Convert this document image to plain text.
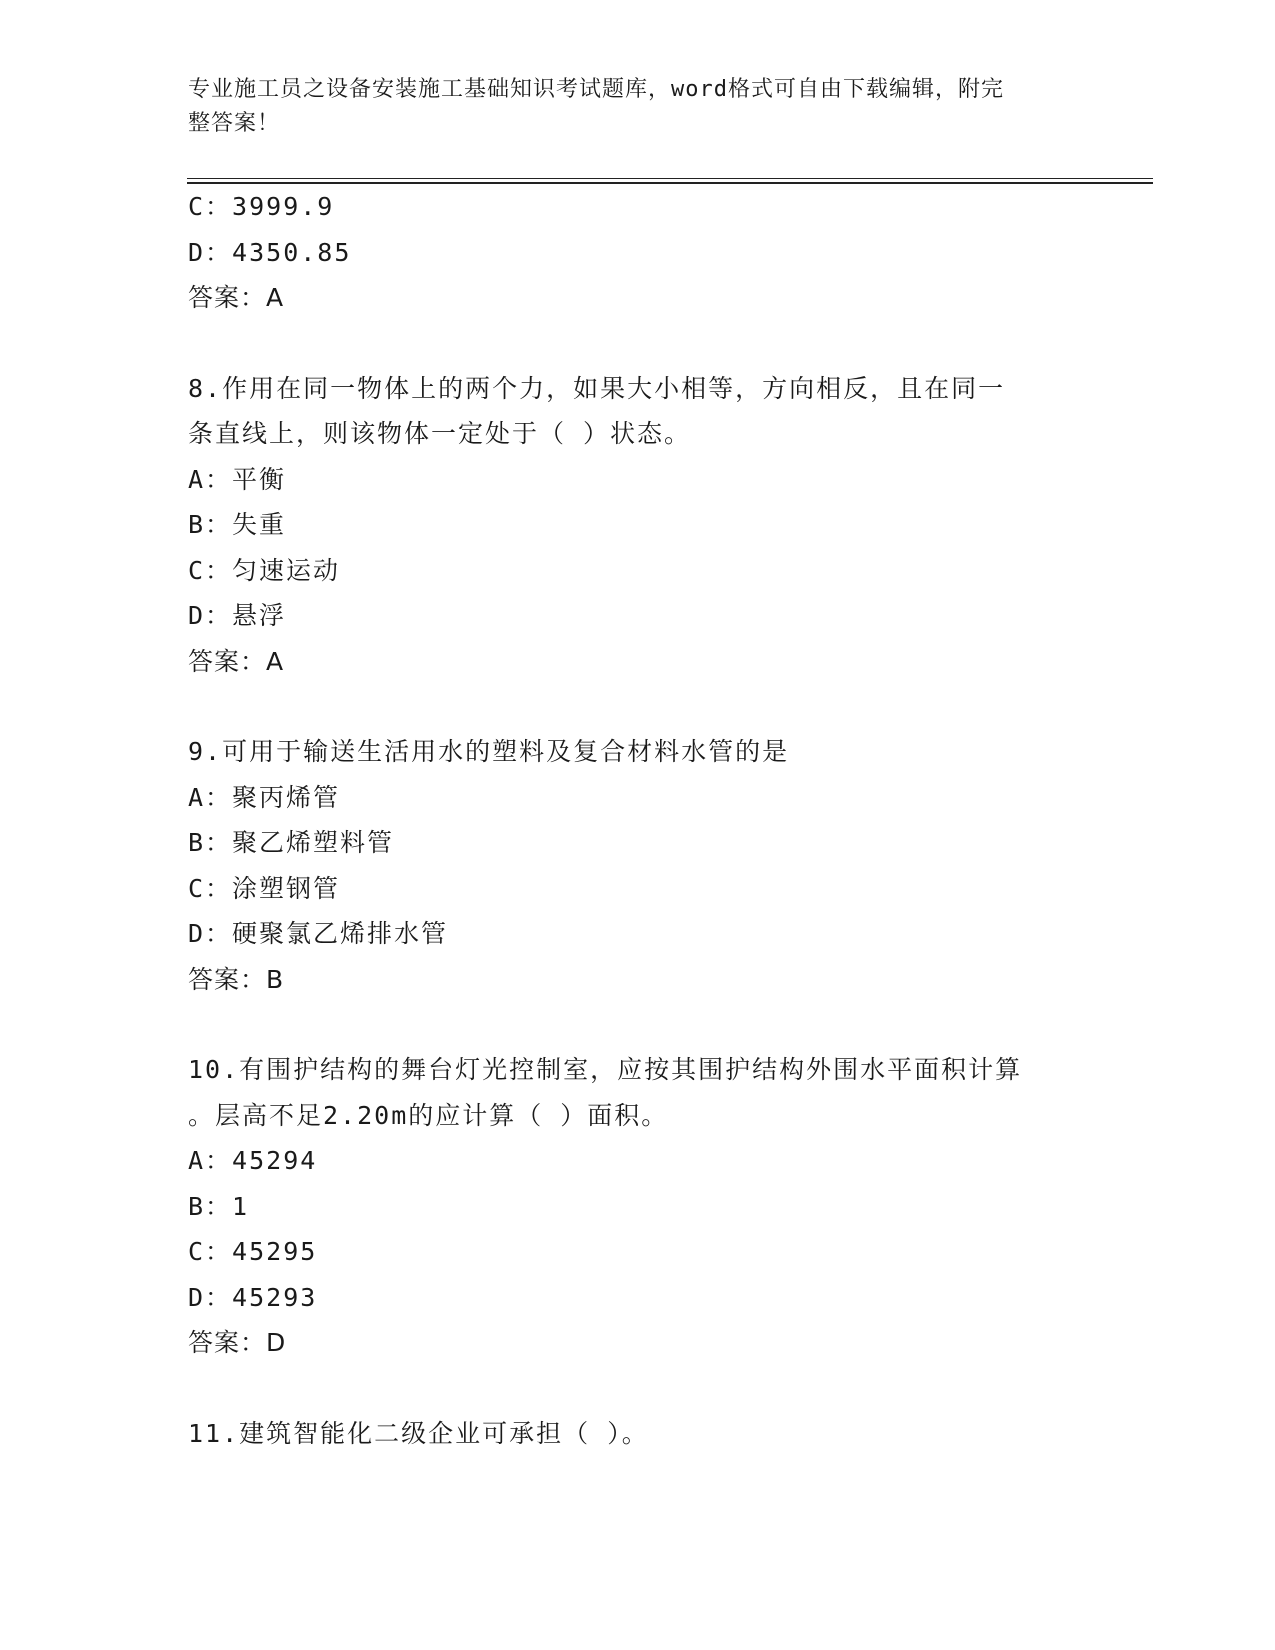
专业施工员之设备安装施工基础知识考试题库，word格式可自由下载编辑，附完
整答案！
C：3999.9
D：4350.85
答案：A
8.作用在同一物体上的两个力，如果大小相等，方向相反，且在同一
条直线上，则该物体一定处于（ ）状态。
A：平衡
B：失重
C：匀速运动
D：悬浮
答案：A
9.可用于输送生活用水的塑料及复合材料水管的是
A：聚丙烯管
B：聚乙烯塑料管
C：涂塑钢管
D：硬聚氯乙烯排水管
答案：B
10.有围护结构的舞台灯光控制室，应按其围护结构外围水平面积计算
。层高不足2.20m的应计算（ ）面积。
A：45294
B：1
C：45295
D：45293
答案：D
11.建筑智能化二级企业可承担（ ）。
